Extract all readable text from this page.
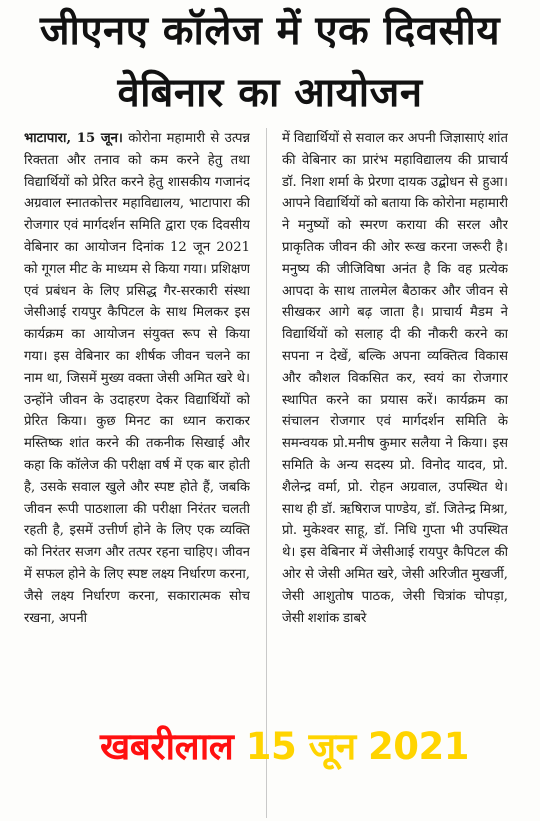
जीएनए कॉलेज में एक दिवसीय
वेबिनार का आयोजन

भाटापारा, 15 जून। कोरोना महामारी से उत्पन्न रिक्तता और तनाव को कम करने हेतु तथा विद्यार्थियों को प्रेरित करने हेतु शासकीय गजानंद अग्रवाल स्नातकोत्तर महाविद्यालय, भाटापारा की रोजगार एवं मार्गदर्शन समिति द्वारा एक दिवसीय वेबिनार का आयोजन दिनांक 12 जून 2021 को गूगल मीट के माध्यम से किया गया। प्रशिक्षण एवं प्रबंधन के लिए प्रसिद्ध गैर-सरकारी संस्था जेसीआई रायपुर कैपिटल के साथ मिलकर इस कार्यक्रम का आयोजन संयुक्त रूप से किया गया। इस वेबिनार का शीर्षक जीवन चलने का नाम था, जिसमें मुख्य वक्ता जेसी अमित खरे थे। उन्होंने जीवन के उदाहरण देकर विद्यार्थियों को प्रेरित किया। कुछ मिनट का ध्यान कराकर मस्तिष्क शांत करने की तकनीक सिखाई और कहा कि कॉलेज की परीक्षा वर्ष में एक बार होती है, उसके सवाल खुले और स्पष्ट होते हैं, जबकि जीवन रूपी पाठशाला की परीक्षा निरंतर चलती रहती है, इसमें उत्तीर्ण होने के लिए एक व्यक्ति को निरंतर सजग और तत्पर रहना चाहिए। जीवन में सफल होने के लिए स्पष्ट लक्ष्य निर्धारण करना, जैसे लक्ष्य निर्धारण करना, सकारात्मक सोच रखना, अपनी

में विद्यार्थियों से सवाल कर अपनी जिज्ञासाएं शांत की वेबिनार का प्रारंभ महाविद्यालय की प्राचार्य डॉ. निशा शर्मा के प्रेरणा दायक उद्बोधन से हुआ। आपने विद्यार्थियों को बताया कि कोरोना महामारी ने मनुष्यों को स्मरण कराया की सरल और प्राकृतिक जीवन की ओर रूख करना जरूरी है। मनुष्य की जीजिविषा अनंत है कि वह प्रत्येक आपदा के साथ तालमेल बैठाकर और जीवन से सीखकर आगे बढ़ जाता है। प्राचार्य मैडम ने विद्यार्थियों को सलाह दी की नौकरी करने का सपना न देखें, बल्कि अपना व्यक्तित्व विकास और कौशल विकसित कर, स्वयं का रोजगार स्थापित करने का प्रयास करें। कार्यक्रम का संचालन रोजगार एवं मार्गदर्शन समिति के समन्वयक प्रो.मनीष कुमार सलैया ने किया। इस समिति के अन्य सदस्य प्रो. विनोद यादव, प्रो. शैलेन्द्र वर्मा, प्रो. रोहन अग्रवाल, उपस्थित थे। साथ ही डॉ. ऋषिराज पाण्डेय, डॉ. जितेन्द्र मिश्रा, प्रो. मुकेश्वर साहू, डॉ. निधि गुप्ता भी उपस्थित थे। इस वेबिनार में जेसीआई रायपुर कैपिटल की ओर से जेसी अमित खरे, जेसी अरिजीत मुखर्जी, जेसी आशुतोष पाठक, जेसी चित्रांक चोपड़ा, जेसी शशांक डाबरे

खबरीलाल 15 जून 2021
